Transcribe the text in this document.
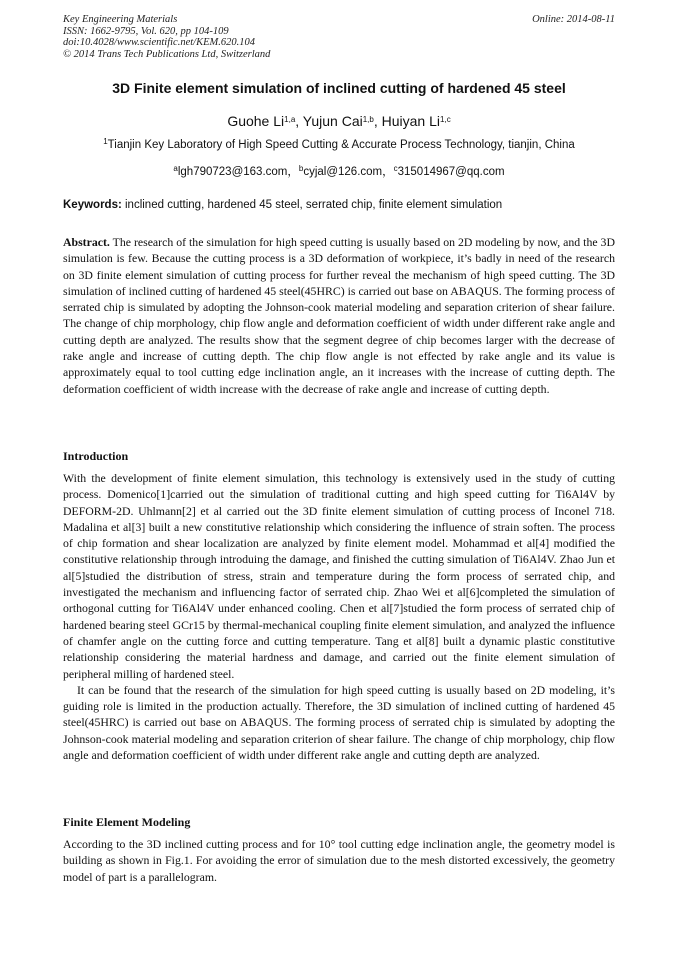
Key Engineering Materials
ISSN: 1662-9795, Vol. 620, pp 104-109
doi:10.4028/www.scientific.net/KEM.620.104
© 2014 Trans Tech Publications Ltd, Switzerland
Online: 2014-08-11
3D Finite element simulation of inclined cutting of hardened 45 steel
Guohe Li$^{1,a}$, Yujun Cai$^{1,b}$, Huiyan Li$^{1,c}$
$^1$Tianjin Key Laboratory of High Speed Cutting & Accurate Process Technology, tianjin, China
$^a$lgh790723@163.com，$^b$cyjal@126.com，$^c$315014967@qq.com
Keywords: inclined cutting, hardened 45 steel, serrated chip, finite element simulation
Abstract. The research of the simulation for high speed cutting is usually based on 2D modeling by now, and the 3D simulation is few. Because the cutting process is a 3D deformation of workpiece, it’s badly in need of the research on 3D finite element simulation of cutting process for further reveal the mechanism of high speed cutting. The 3D simulation of inclined cutting of hardened 45 steel(45HRC) is carried out base on ABAQUS. The forming process of serrated chip is simulated by adopting the Johnson-cook material modeling and separation criterion of shear failure. The change of chip morphology, chip flow angle and deformation coefficient of width under different rake angle and cutting depth are analyzed. The results show that the segment degree of chip becomes larger with the decrease of rake angle and increase of cutting depth. The chip flow angle is not effected by rake angle and its value is approximately equal to tool cutting edge inclination angle, an it increases with the increase of cutting depth. The deformation coefficient of width increase with the decrease of rake angle and increase of cutting depth.
Introduction

With the development of finite element simulation, this technology is extensively used in the study of cutting process. Domenico[1]carried out the simulation of traditional cutting and high speed cutting for Ti6Al4V by DEFORM-2D. Uhlmann[2] et al carried out the 3D finite element simulation of cutting process of Inconel 718. Madalina et al[3] built a new constitutive relationship which considering the influence of strain soften. The process of chip formation and shear localization are analyzed by finite element model. Mohammad et al[4] modified the constitutive relationship through introduing the damage, and finished the cutting simulation of Ti6Al4V. Zhao Jun et al[5]studied the distribution of stress, strain and temperature during the form process of serrated chip, and investigated the mechanism and influencing factor of serrated chip. Zhao Wei et al[6]completed the simulation of orthogonal cutting for Ti6Al4V under enhanced cooling. Chen et al[7]studied the form process of serrated chip of hardened bearing steel GCr15 by thermal-mechanical coupling finite element simulation, and analyzed the influence of chamfer angle on the cutting force and cutting temperature. Tang et al[8] built a dynamic plastic constitutive relationship considering the material hardness and damage, and carried out the finite element simulation of peripheral milling of hardened steel.

It can be found that the research of the simulation for high speed cutting is usually based on 2D modeling, it’s guiding role is limited in the production actually. Therefore, the 3D simulation of inclined cutting of hardened 45 steel(45HRC) is carried out base on ABAQUS. The forming process of serrated chip is simulated by adopting the Johnson-cook material modeling and separation criterion of shear failure. The change of chip morphology, chip flow angle and deformation coefficient of width under different rake angle and cutting depth are analyzed.

Finite Element Modeling
According to the 3D inclined cutting process and for 10° tool cutting edge inclination angle, the geometry model is building as shown in Fig.1. For avoiding the error of simulation due to the mesh distorted excessively, the geometry model of part is a parallelogram.
